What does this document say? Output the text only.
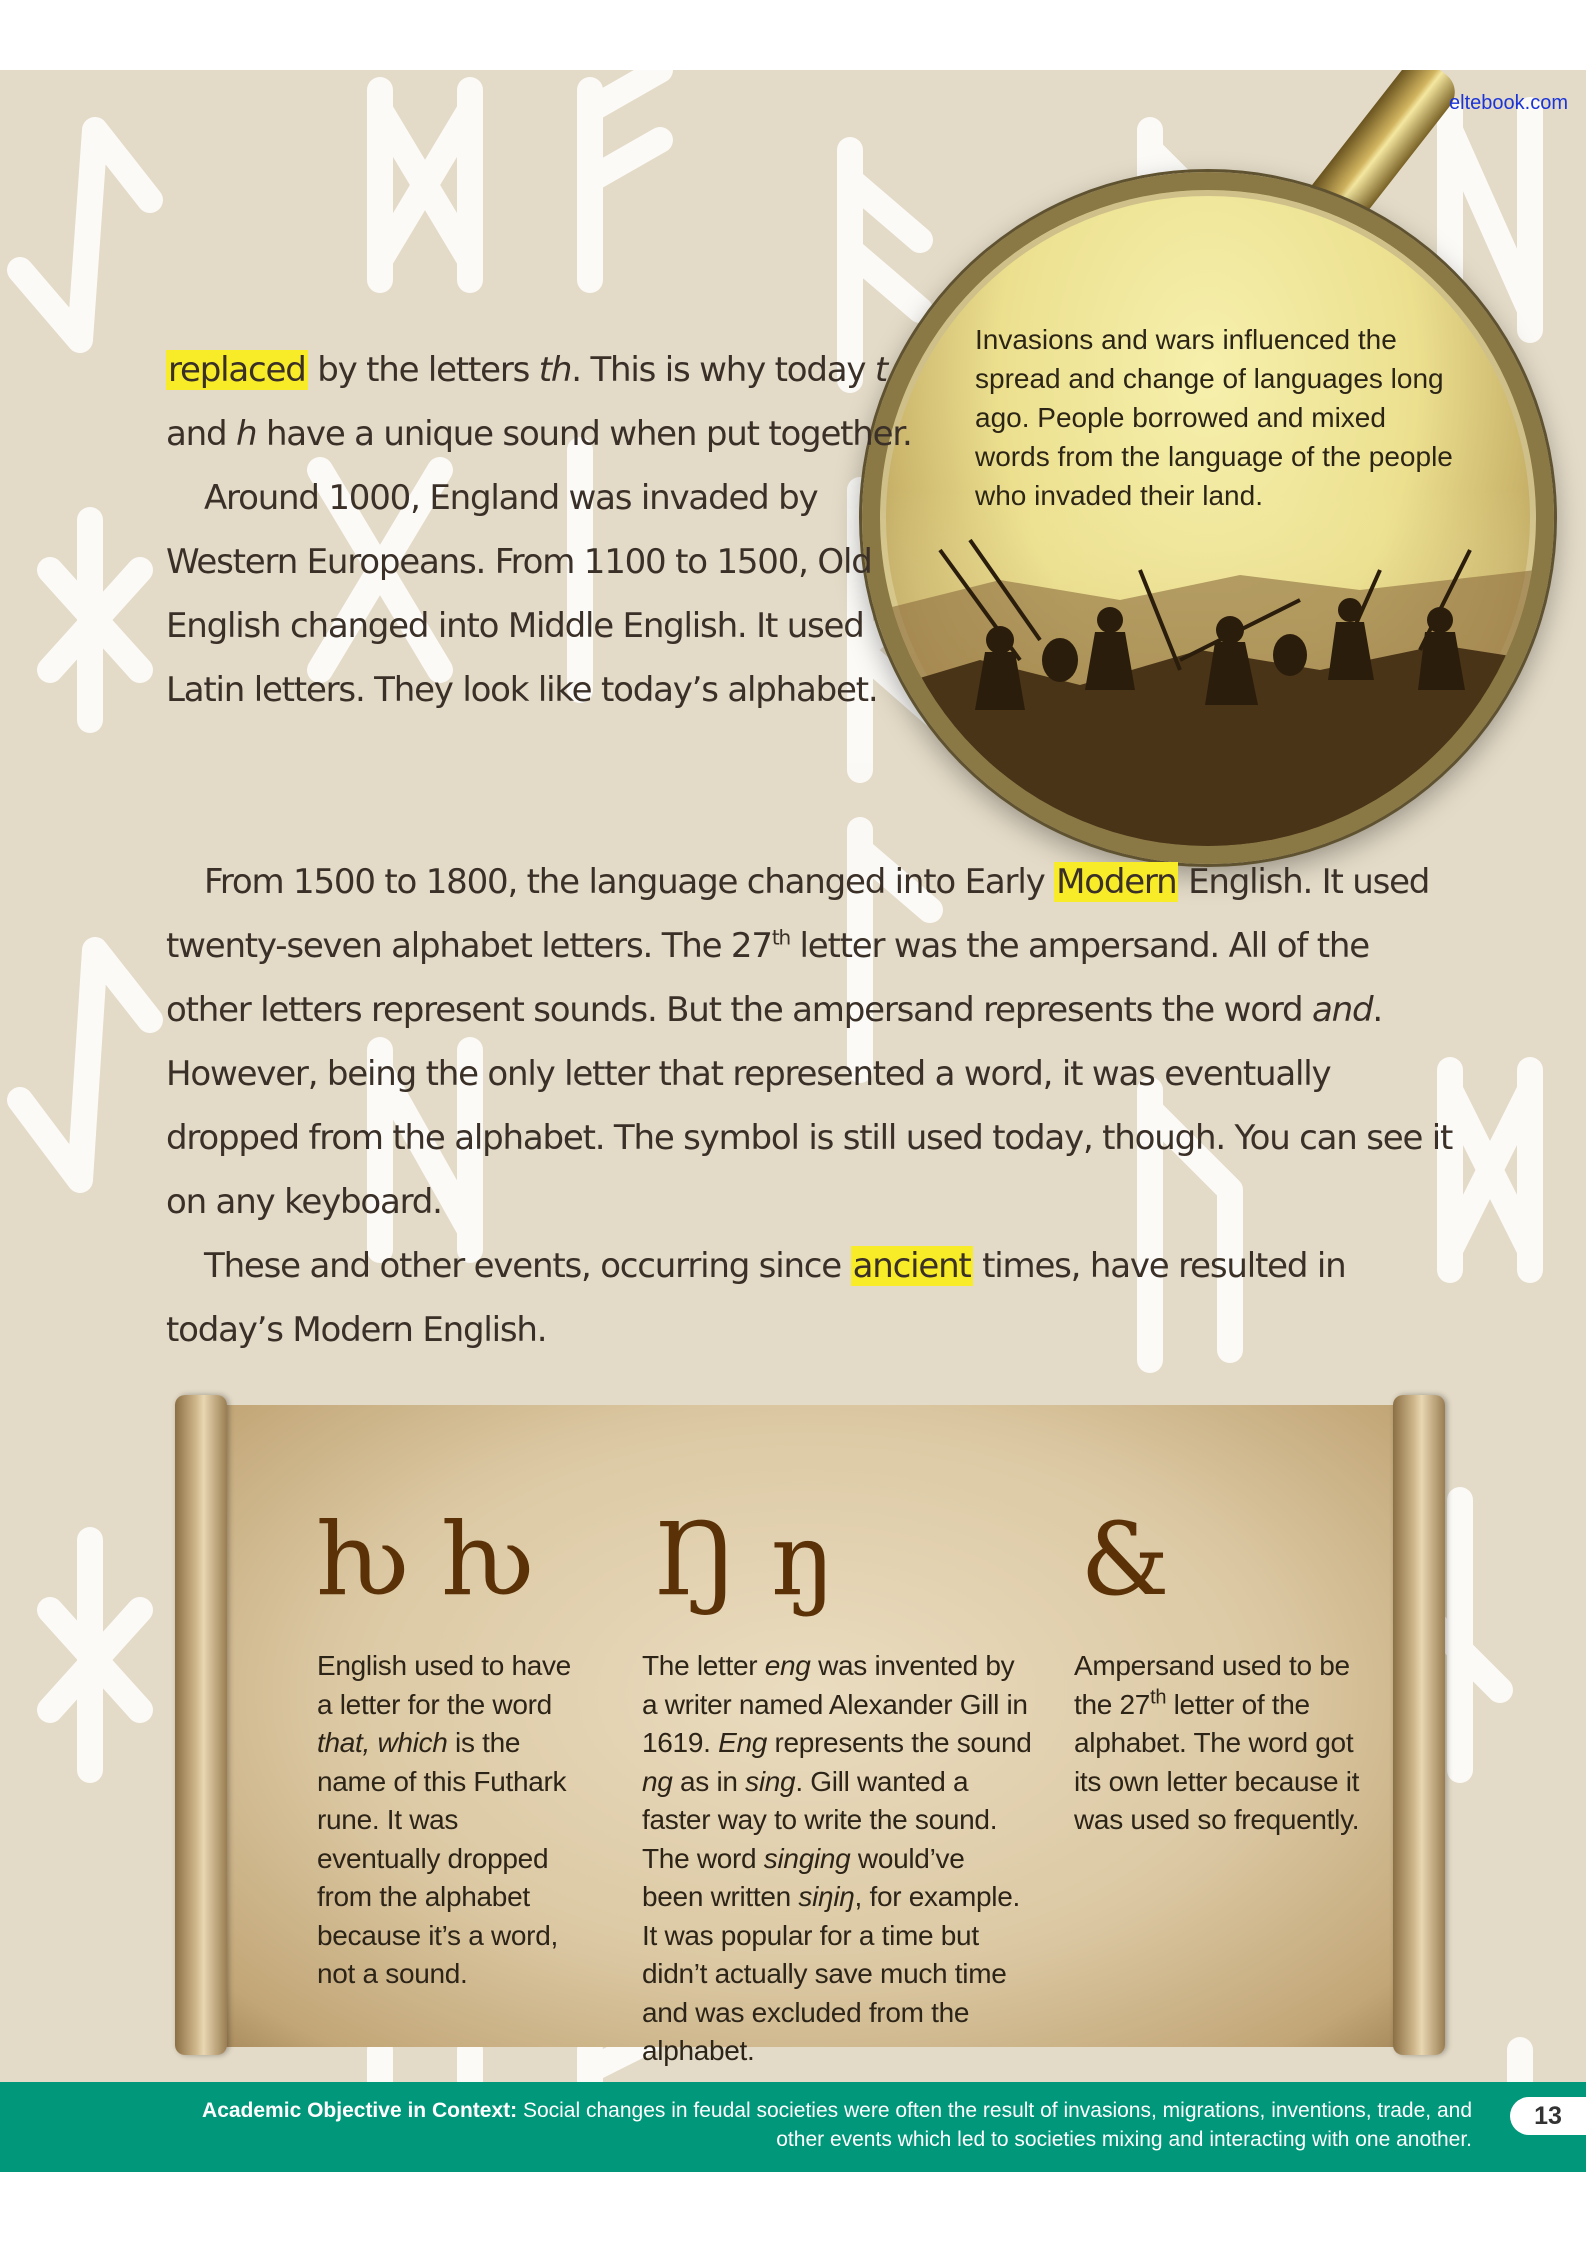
eltebook.com
Invasions and wars influenced the spread and change of languages long ago. People borrowed and mixed words from the language of the people who invaded their land.

replaced by the letters th. This is why today t and h have a unique sound when put together.

Around 1000, England was invaded by Western Europeans. From 1100 to 1500, Old English changed into Middle English. It used Latin letters. They look like today’s alphabet.

From 1500 to 1800, the language changed into Early Modern English. It used twenty-seven alphabet letters. The 27th letter was the ampersand. All of the other letters represent sounds. But the ampersand represents the word and. However, being the only letter that represented a word, it was eventually dropped from the alphabet. The symbol is still used today, though. You can see it on any keyboard.

These and other events, occurring since ancient times, have resulted in today’s Modern English.

ƕ ƕ Ŋ ŋ	&

English used to have a letter for the word that, which is the name of this Futhark rune. It was eventually dropped from the alphabet because it’s a word, not a sound.

The letter eng was invented by a writer named Alexander Gill in 1619. Eng represents the sound ng as in sing. Gill wanted a faster way to write the sound. The word singing would’ve been written siŋiŋ, for example. It was popular for a time but didn’t actually save much time and was excluded from the alphabet.

Ampersand used to be the 27th letter of the alphabet. The word got its own letter because it was used so frequently.

Academic Objective in Context: Social changes in feudal societies were often the result of invasions, migrations, inventions, trade, and other events which led to societies mixing and interacting with one another.
13
